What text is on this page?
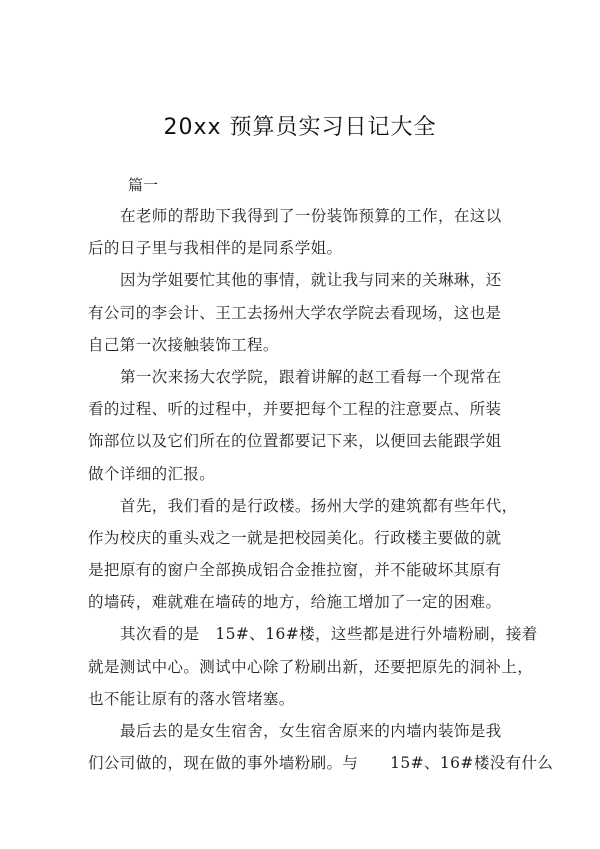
20xx 预算员实习日记大全
篇一
在老师的帮助下我得到了一份装饰预算的工作，在这以
后的日子里与我相伴的是同系学姐。
因为学姐要忙其他的事情，就让我与同来的关琳琳，还
有公司的李会计、王工去扬州大学农学院去看现场，这也是
自己第一次接触装饰工程。
第一次来扬大农学院，跟着讲解的赵工看每一个现常在
看的过程、听的过程中，并要把每个工程的注意要点、所装
饰部位以及它们所在的位置都要记下来，以便回去能跟学姐
做个详细的汇报。
首先，我们看的是行政楼。扬州大学的建筑都有些年代，
作为校庆的重头戏之一就是把校园美化。行政楼主要做的就
是把原有的窗户全部换成铝合金推拉窗，并不能破坏其原有
的墙砖，难就难在墙砖的地方，给施工增加了一定的困难。
其次看的是　15#、16#楼，这些都是进行外墙粉刷，接着
就是测试中心。测试中心除了粉刷出新，还要把原先的洞补上，
也不能让原有的落水管堵塞。
最后去的是女生宿舍，女生宿舍原来的内墙内装饰是我
们公司做的，现在做的事外墙粉刷。与　　15#、16#楼没有什么
